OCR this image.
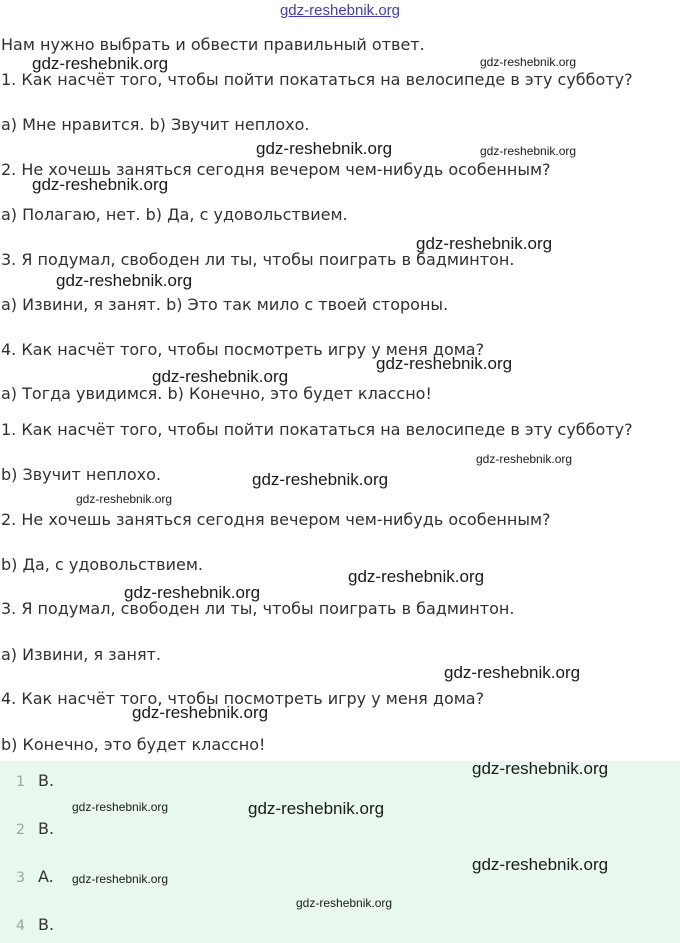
gdz-reshebnik.org
Нам нужно выбрать и обвести правильный ответ.
1. Как насчёт того, чтобы пойти покататься на велосипеде в эту субботу?
a) Мне нравится. b) Звучит неплохо.
2. Не хочешь заняться сегодня вечером чем-нибудь особенным?
a) Полагаю, нет. b) Да, с удовольствием.
3. Я подумал, свободен ли ты, чтобы поиграть в бадминтон.
a) Извини, я занят. b) Это так мило с твоей стороны.
4. Как насчёт того, чтобы посмотреть игру у меня дома?
a) Тогда увидимся. b) Конечно, это будет классно!
1. Как насчёт того, чтобы пойти покататься на велосипеде в эту субботу?
b) Звучит неплохо.
2. Не хочешь заняться сегодня вечером чем-нибудь особенным?
b) Да, с удовольствием.
3. Я подумал, свободен ли ты, чтобы поиграть в бадминтон.
a) Извини, я занят.
4. Как насчёт того, чтобы посмотреть игру у меня дома?
b) Конечно, это будет классно!
1 B.
2 B.
3 A.
4 B.
gdz-reshebnik.org	gdz-reshebnik.org
gdz-reshebnik.org	gdz-reshebnik.org
gdz-reshebnik.org
gdz-reshebnik.org
gdz-reshebnik.org
gdz-reshebnik.org
gdz-reshebnik.org
gdz-reshebnik.org
gdz-reshebnik.org
gdz-reshebnik.org
gdz-reshebnik.org
gdz-reshebnik.org
gdz-reshebnik.org
gdz-reshebnik.org
gdz-reshebnik.org
gdz-reshebnik.org	gdz-reshebnik.org
gdz-reshebnik.org
gdz-reshebnik.org
gdz-reshebnik.org
